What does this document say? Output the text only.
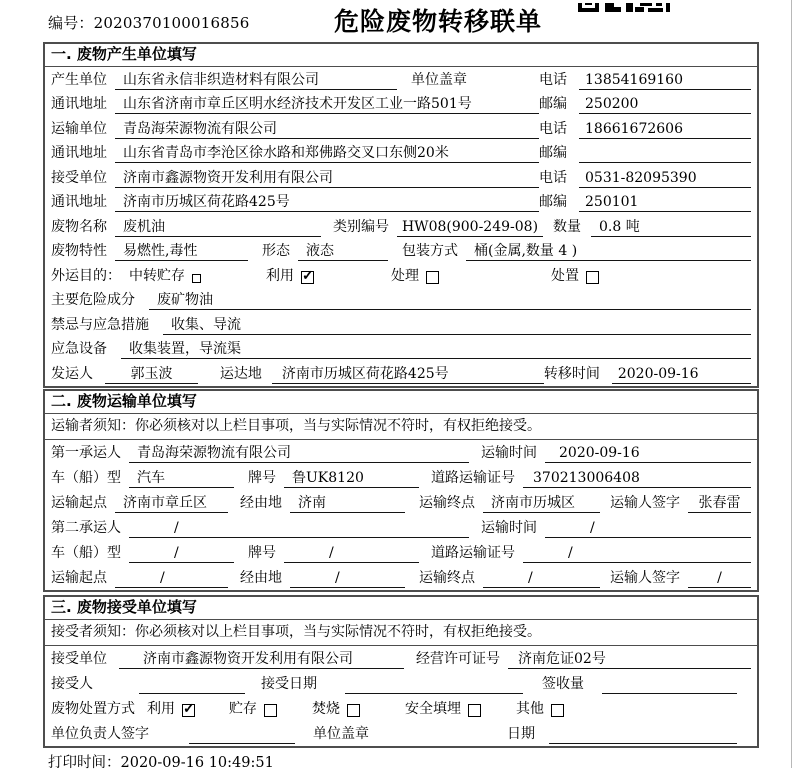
编号：2020370100016856	危险废物转移联单
一. 废物产生单位填写
产生单位	山东省永信非织造材料有限公司	单位盖章	电话	13854169160
通讯地址	山东省济南市章丘区明水经济技术开发区工业一路501号	邮编	250200
运输单位	青岛海荣源物流有限公司	电话	18661672606
通讯地址	山东省青岛市李沧区徐水路和郑佛路交叉口东侧20米	邮编
接受单位	济南市鑫源物资开发利用有限公司	电话	0531-82095390
通讯地址	济南市历城区荷花路425号	邮编	250101
废物名称	废机油	类别编号 HW08(900-249-08)	数量	0.8 吨
废物特性	易燃性,毒性	形态	液态	包装方式	桶(金属,数量 4 )
外运目的： 中转贮存	利用 ✓	处理	处置
主要危险成分	废矿物油
禁忌与应急措施	收集、导流
应急设备	收集装置，导流渠
发运人	郭玉波	运达地	济南市历城区荷花路425号	转移时间	2020-09-16
二. 废物运输单位填写
运输者须知：你必须核对以上栏目事项，当与实际情况不符时，有权拒绝接受。
第一承运人	青岛海荣源物流有限公司	运输时间	2020-09-16
车（船）型	汽车	牌号	鲁UK8120	道路运输证号	370213006408
运输起点	济南市章丘区	经由地	济南	运输终点	济南市历城区	运输人签字	张春雷
第二承运人	/	运输时间	/
车（船）型	/	牌号	/	道路运输证号	/
运输起点	/	经由地	/	运输终点	/	运输人签字	/
三. 废物接受单位填写
接受者须知：你必须核对以上栏目事项，当与实际情况不符时，有权拒绝接受。
接受单位	济南市鑫源物资开发利用有限公司	经营许可证号	济南危证02号
接受人	接受日期	签收量
废物处置方式 利用 ✓	贮存	焚烧	安全填埋	其他
单位负责人签字	单位盖章	日期
打印时间：2020-09-16 10:49:51
